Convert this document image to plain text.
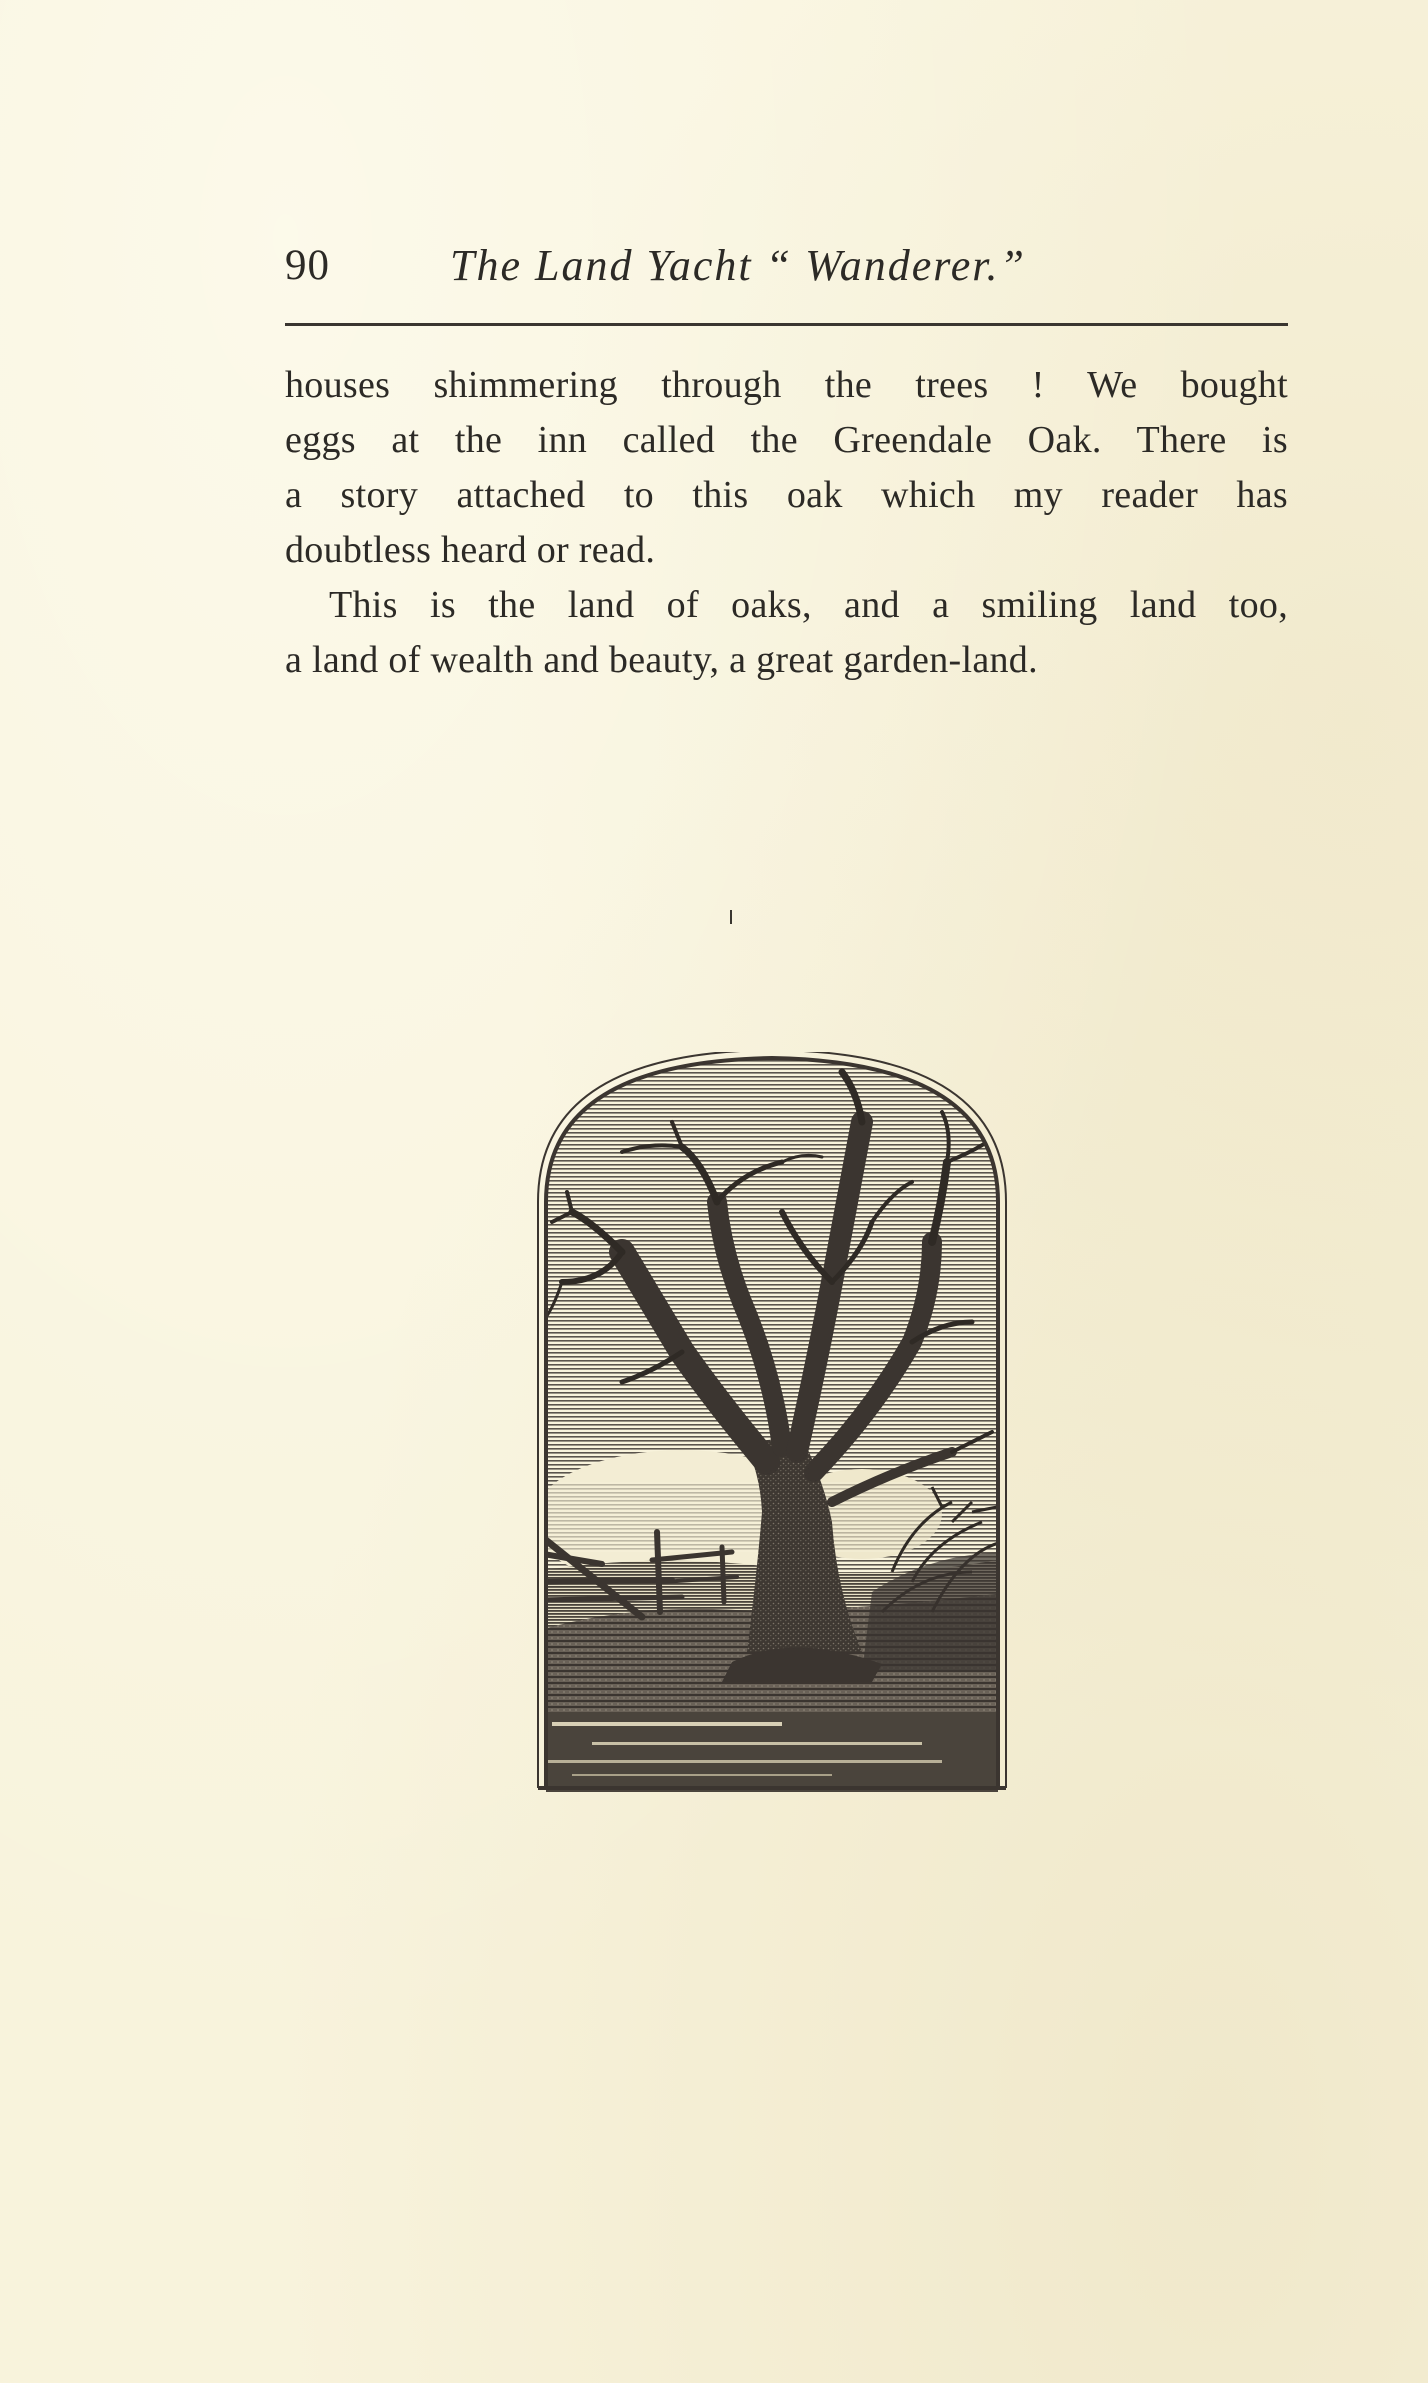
90	The Land Yacht “ Wanderer.”
houses shimmering through the trees ! We bought
eggs at the inn called the Greendale Oak. There is
a story attached to this oak which my reader has
doubtless heard or read.
This is the land of oaks, and a smiling land too,
a land of wealth and beauty, a great garden-land.
